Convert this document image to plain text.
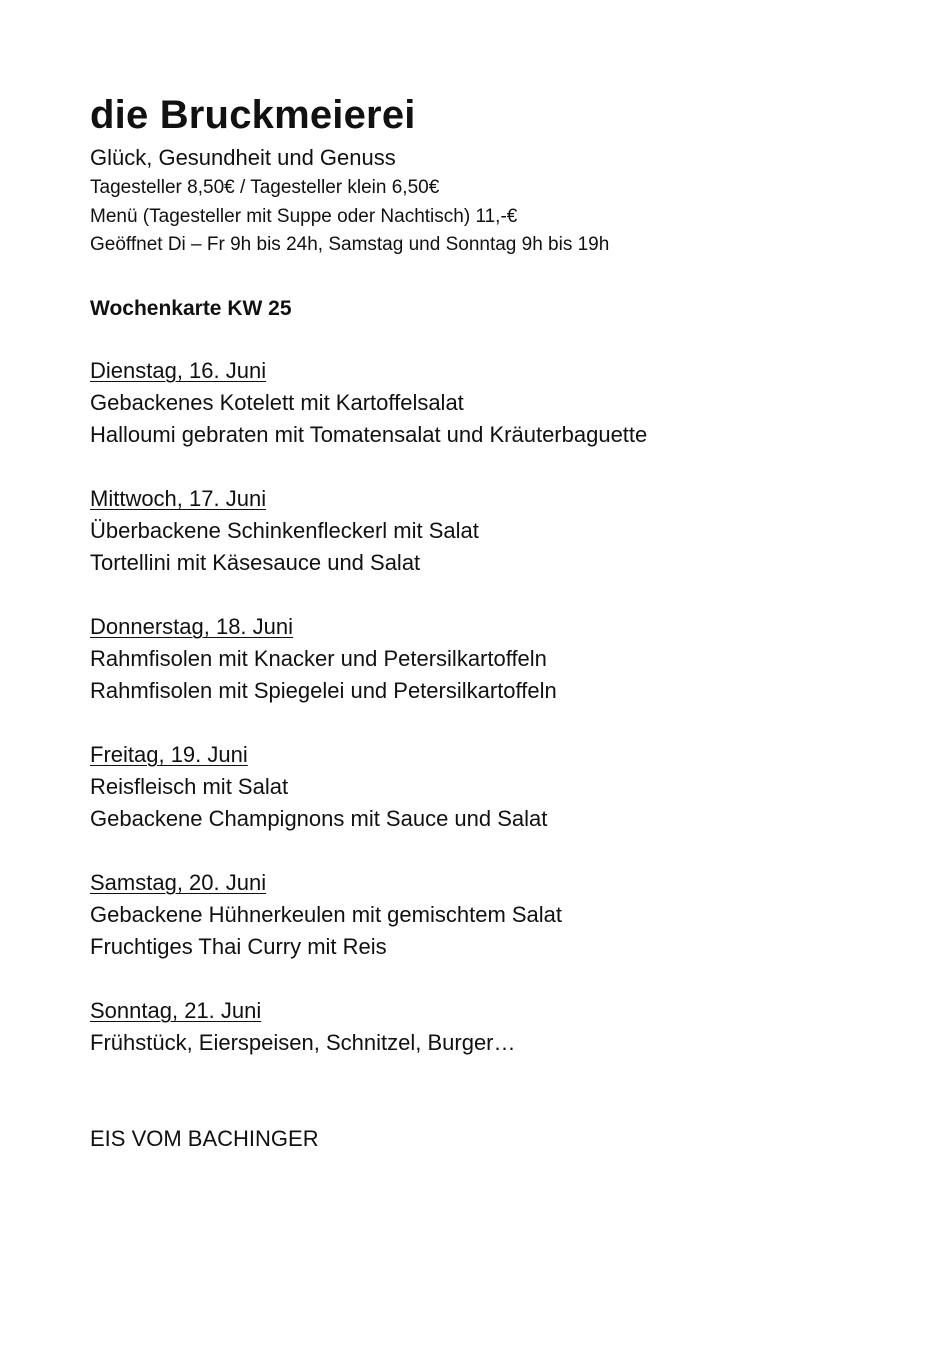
die Bruckmeierei

Glück, Gesundheit und Genuss

Tagesteller 8,50€ / Tagesteller klein 6,50€

Menü (Tagesteller mit Suppe oder Nachtisch) 11,-€

Geöffnet Di – Fr 9h bis 24h, Samstag und Sonntag 9h bis 19h

Wochenkarte KW 25

Dienstag, 16. Juni

Gebackenes Kotelett mit Kartoffelsalat

Halloumi gebraten mit Tomatensalat und Kräuterbaguette

Mittwoch, 17. Juni

Überbackene Schinkenfleckerl mit Salat

Tortellini mit Käsesauce und Salat

Donnerstag, 18. Juni

Rahmfisolen mit Knacker und Petersilkartoffeln

Rahmfisolen mit Spiegelei und Petersilkartoffeln

Freitag, 19. Juni

Reisfleisch mit Salat

Gebackene Champignons mit Sauce und Salat

Samstag, 20. Juni

Gebackene Hühnerkeulen mit gemischtem Salat

Fruchtiges Thai Curry mit Reis

Sonntag, 21. Juni

Frühstück, Eierspeisen, Schnitzel, Burger…

EIS VOM BACHINGER
